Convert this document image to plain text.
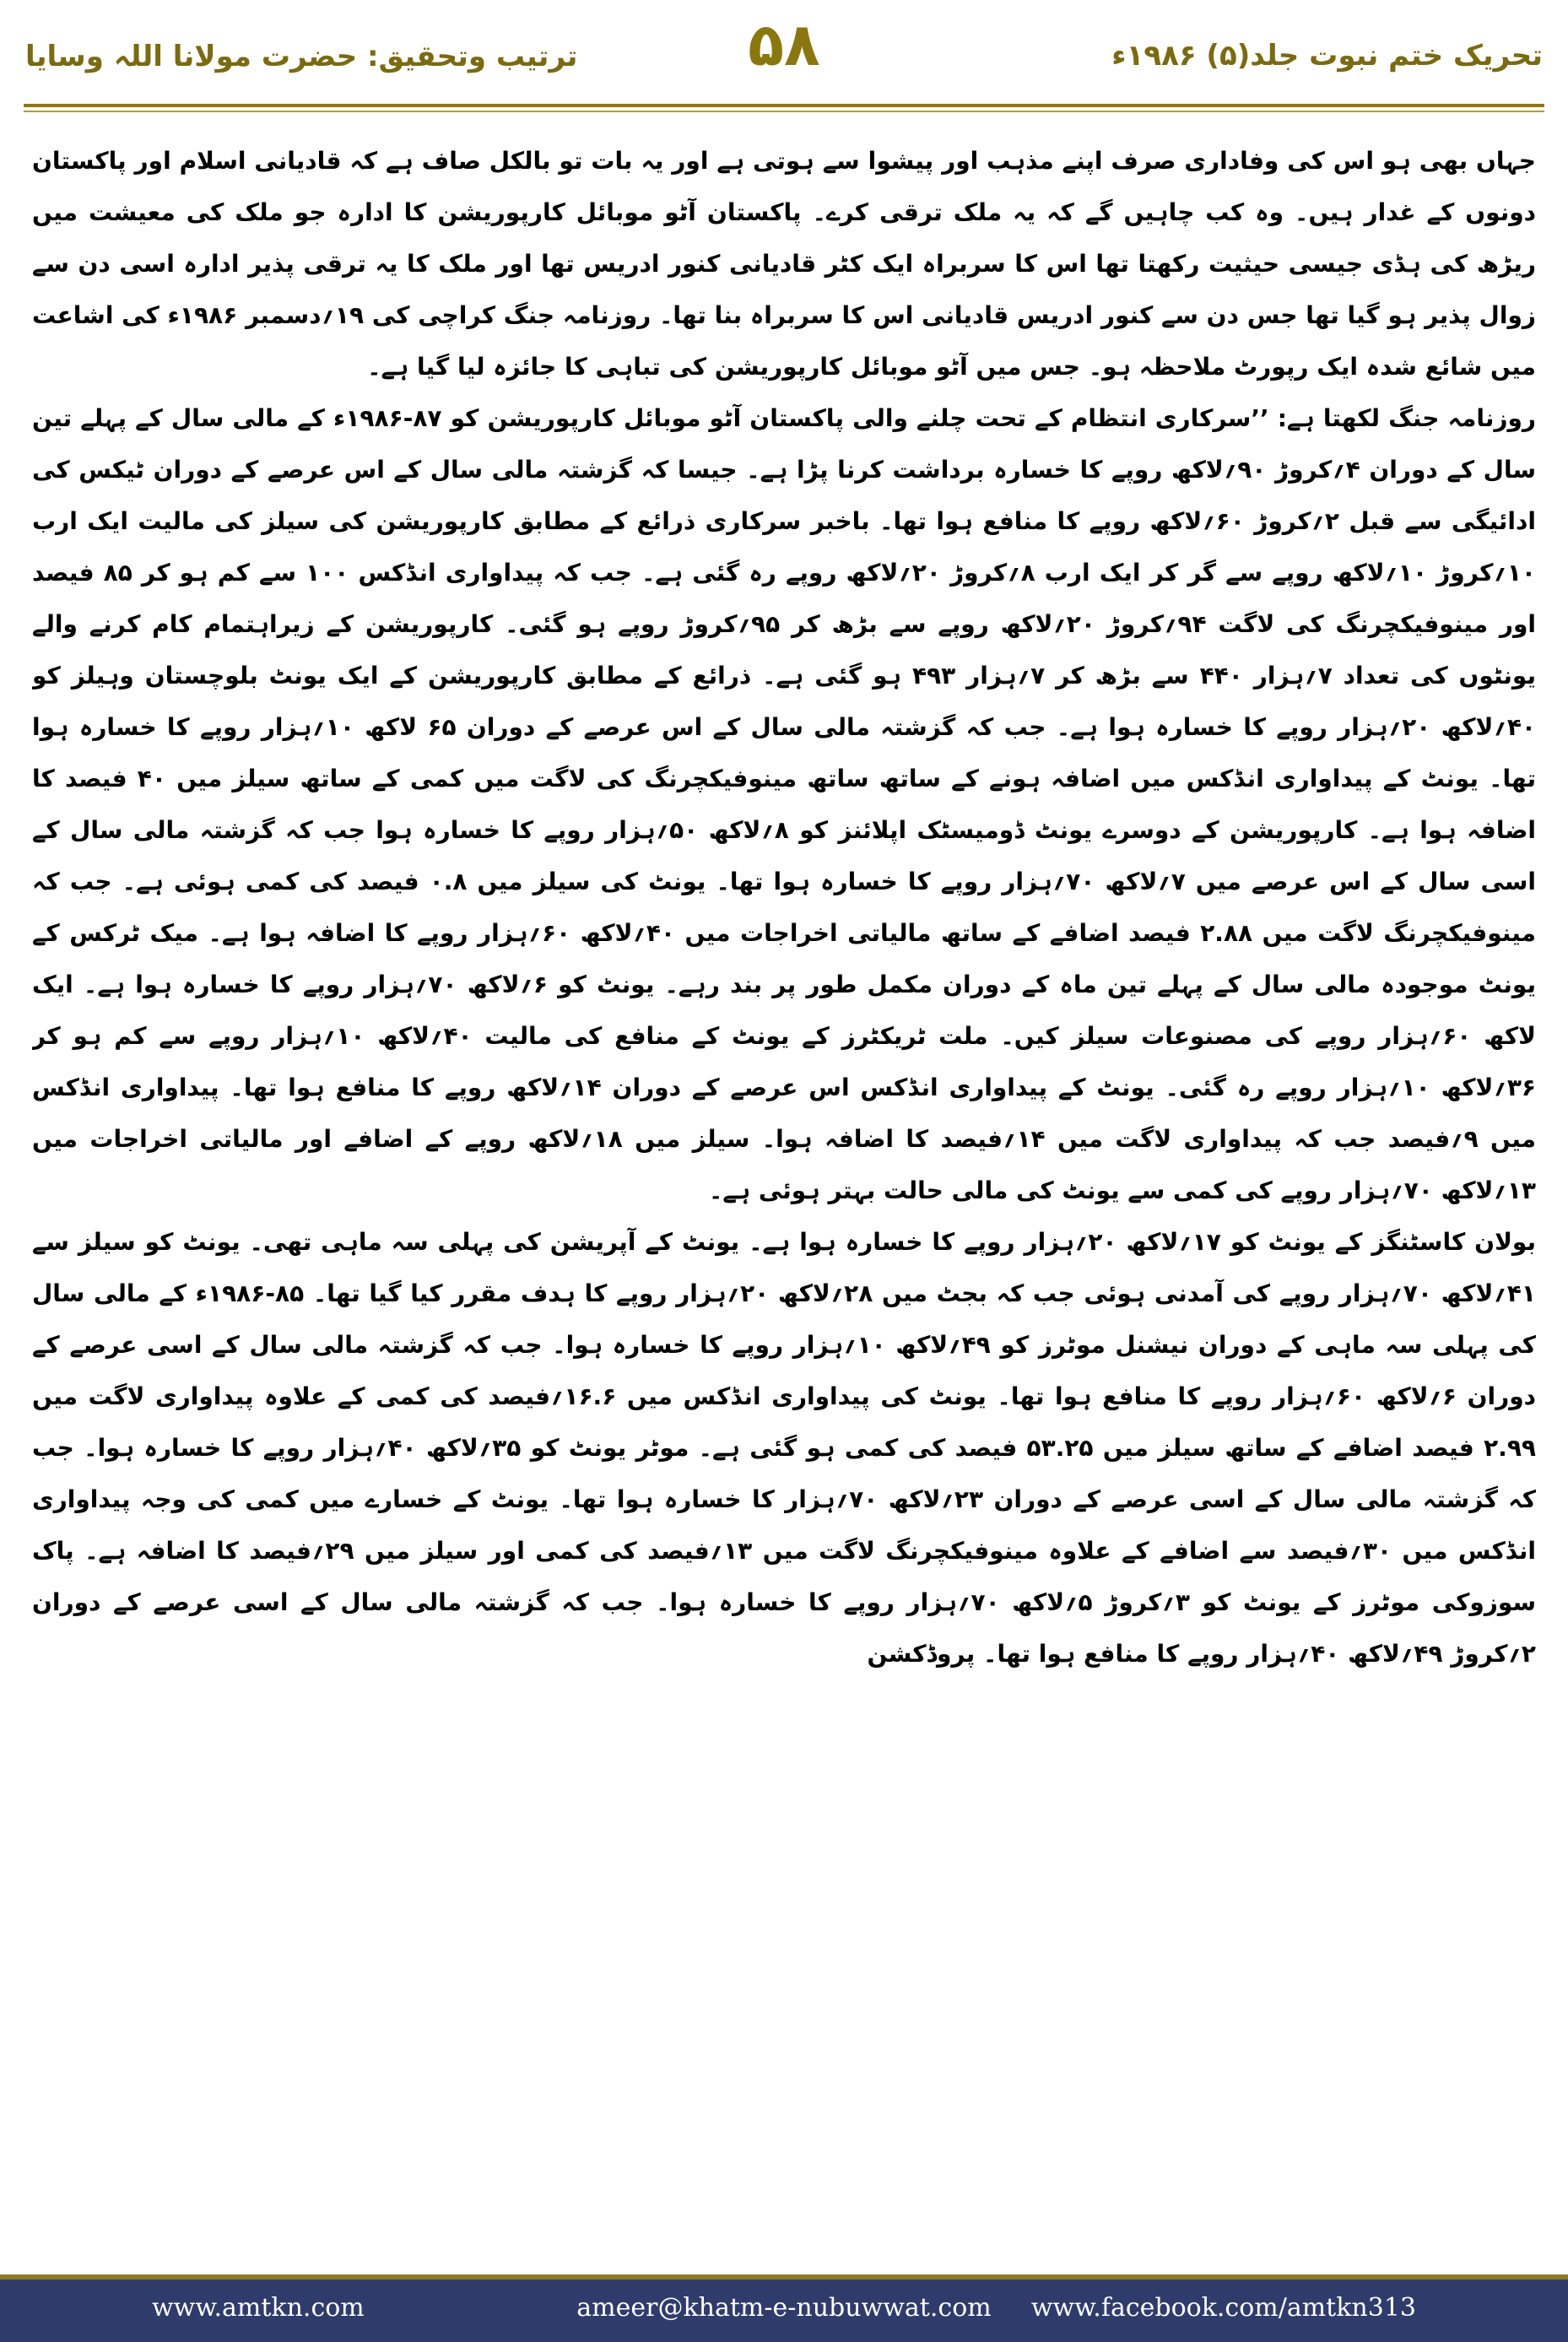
ترتیب وتحقیق: حضرت مولانا اللہ وسایا	۵۸	تحریک ختم نبوت جلد(۵) ۱۹۸۶ء

جہاں بھی ہو اس کی وفاداری صرف اپنے مذہب اور پیشوا سے ہوتی ہے اور یہ بات تو بالکل صاف ہے کہ قادیانی اسلام اور پاکستان دونوں کے غدار ہیں۔ وہ کب چاہیں گے کہ یہ ملک ترقی کرے۔ پاکستان آٹو موبائل کارپوریشن کا ادارہ جو ملک کی معیشت میں ریڑھ کی ہڈی جیسی حیثیت رکھتا تھا اس کا سربراہ ایک کٹر قادیانی کنور ادریس تھا اور ملک کا یہ ترقی پذیر ادارہ اسی دن سے زوال پذیر ہو گیا تھا جس دن سے کنور ادریس قادیانی اس کا سربراہ بنا تھا۔ روزنامہ جنگ کراچی کی ۱۹؍دسمبر ۱۹۸۶ء کی اشاعت میں شائع شدہ ایک رپورٹ ملاحظہ ہو۔ جس میں آٹو موبائل کارپوریشن کی تباہی کا جائزہ لیا گیا ہے۔

روزنامہ جنگ لکھتا ہے: ’’سرکاری انتظام کے تحت چلنے والی پاکستان آٹو موبائل کارپوریشن کو ۸۷-۱۹۸۶ء کے مالی سال کے پہلے تین سال کے دوران ۴؍کروڑ ۹۰؍لاکھ روپے کا خسارہ برداشت کرنا پڑا ہے۔ جیسا کہ گزشتہ مالی سال کے اس عرصے کے دوران ٹیکس کی ادائیگی سے قبل ۲؍کروڑ ۶۰؍لاکھ روپے کا منافع ہوا تھا۔ باخبر سرکاری ذرائع کے مطابق کارپوریشن کی سیلز کی مالیت ایک ارب ۱۰؍کروڑ ۱۰؍لاکھ روپے سے گر کر ایک ارب ۸؍کروڑ ۲۰؍لاکھ روپے رہ گئی ہے۔ جب کہ پیداواری انڈکس ۱۰۰ سے کم ہو کر ۸۵ فیصد اور مینوفیکچرنگ کی لاگت ۹۴؍کروڑ ۲۰؍لاکھ روپے سے بڑھ کر ۹۵؍کروڑ روپے ہو گئی۔ کارپوریشن کے زیراہتمام کام کرنے والے یونٹوں کی تعداد ۷؍ہزار ۴۴۰ سے بڑھ کر ۷؍ہزار ۴۹۳ ہو گئی ہے۔ ذرائع کے مطابق کارپوریشن کے ایک یونٹ بلوچستان وہیلز کو ۴۰؍لاکھ ۲۰؍ہزار روپے کا خسارہ ہوا ہے۔ جب کہ گزشتہ مالی سال کے اس عرصے کے دوران ۶۵ لاکھ ۱۰؍ہزار روپے کا خسارہ ہوا تھا۔ یونٹ کے پیداواری انڈکس میں اضافہ ہونے کے ساتھ ساتھ مینوفیکچرنگ کی لاگت میں کمی کے ساتھ سیلز میں ۴۰ فیصد کا اضافہ ہوا ہے۔ کارپوریشن کے دوسرے یونٹ ڈومیسٹک اپلائنز کو ۸؍لاکھ ۵۰؍ہزار روپے کا خسارہ ہوا جب کہ گزشتہ مالی سال کے اسی سال کے اس عرصے میں ۷؍لاکھ ۷۰؍ہزار روپے کا خسارہ ہوا تھا۔ یونٹ کی سیلز میں ۰.۸ فیصد کی کمی ہوئی ہے۔ جب کہ مینوفیکچرنگ لاگت میں ۲.۸۸ فیصد اضافے کے ساتھ مالیاتی اخراجات میں ۴۰؍لاکھ ۶۰؍ہزار روپے کا اضافہ ہوا ہے۔ میک ٹرکس کے یونٹ موجودہ مالی سال کے پہلے تین ماہ کے دوران مکمل طور پر بند رہے۔ یونٹ کو ۶؍لاکھ ۷۰؍ہزار روپے کا خسارہ ہوا ہے۔ ایک لاکھ ۶۰؍ہزار روپے کی مصنوعات سیلز کیں۔ ملت ٹریکٹرز کے یونٹ کے منافع کی مالیت ۴۰؍لاکھ ۱۰؍ہزار روپے سے کم ہو کر ۳۶؍لاکھ ۱۰؍ہزار روپے رہ گئی۔ یونٹ کے پیداواری انڈکس اس عرصے کے دوران ۱۴؍لاکھ روپے کا منافع ہوا تھا۔ پیداواری انڈکس میں ۹؍فیصد جب کہ پیداواری لاگت میں ۱۴؍فیصد کا اضافہ ہوا۔ سیلز میں ۱۸؍لاکھ روپے کے اضافے اور مالیاتی اخراجات میں ۱۳؍لاکھ ۷۰؍ہزار روپے کی کمی سے یونٹ کی مالی حالت بہتر ہوئی ہے۔

بولان کاسٹنگز کے یونٹ کو ۱۷؍لاکھ ۲۰؍ہزار روپے کا خسارہ ہوا ہے۔ یونٹ کے آپریشن کی پہلی سہ ماہی تھی۔ یونٹ کو سیلز سے ۴۱؍لاکھ ۷۰؍ہزار روپے کی آمدنی ہوئی جب کہ بجٹ میں ۲۸؍لاکھ ۲۰؍ہزار روپے کا ہدف مقرر کیا گیا تھا۔ ۸۵-۱۹۸۶ء کے مالی سال کی پہلی سہ ماہی کے دوران نیشنل موٹرز کو ۴۹؍لاکھ ۱۰؍ہزار روپے کا خسارہ ہوا۔ جب کہ گزشتہ مالی سال کے اسی عرصے کے دوران ۶؍لاکھ ۶۰؍ہزار روپے کا منافع ہوا تھا۔ یونٹ کی پیداواری انڈکس میں ۱۶.۶؍فیصد کی کمی کے علاوہ پیداواری لاگت میں ۲.۹۹ فیصد اضافے کے ساتھ سیلز میں ۵۳.۲۵ فیصد کی کمی ہو گئی ہے۔ موٹر یونٹ کو ۳۵؍لاکھ ۴۰؍ہزار روپے کا خسارہ ہوا۔ جب کہ گزشتہ مالی سال کے اسی عرصے کے دوران ۲۳؍لاکھ ۷۰؍ہزار کا خسارہ ہوا تھا۔ یونٹ کے خسارے میں کمی کی وجہ پیداواری انڈکس میں ۳۰؍فیصد سے اضافے کے علاوہ مینوفیکچرنگ لاگت میں ۱۳؍فیصد کی کمی اور سیلز میں ۲۹؍فیصد کا اضافہ ہے۔ پاک سوزوکی موٹرز کے یونٹ کو ۳؍کروڑ ۵؍لاکھ ۷۰؍ہزار روپے کا خسارہ ہوا۔ جب کہ گزشتہ مالی سال کے اسی عرصے کے دوران ۲؍کروڑ ۴۹؍لاکھ ۴۰؍ہزار روپے کا منافع ہوا تھا۔ پروڈکشن

www.amtkn.com	ameer@khatm-e-nubuwwat.com www.facebook.com/amtkn313
